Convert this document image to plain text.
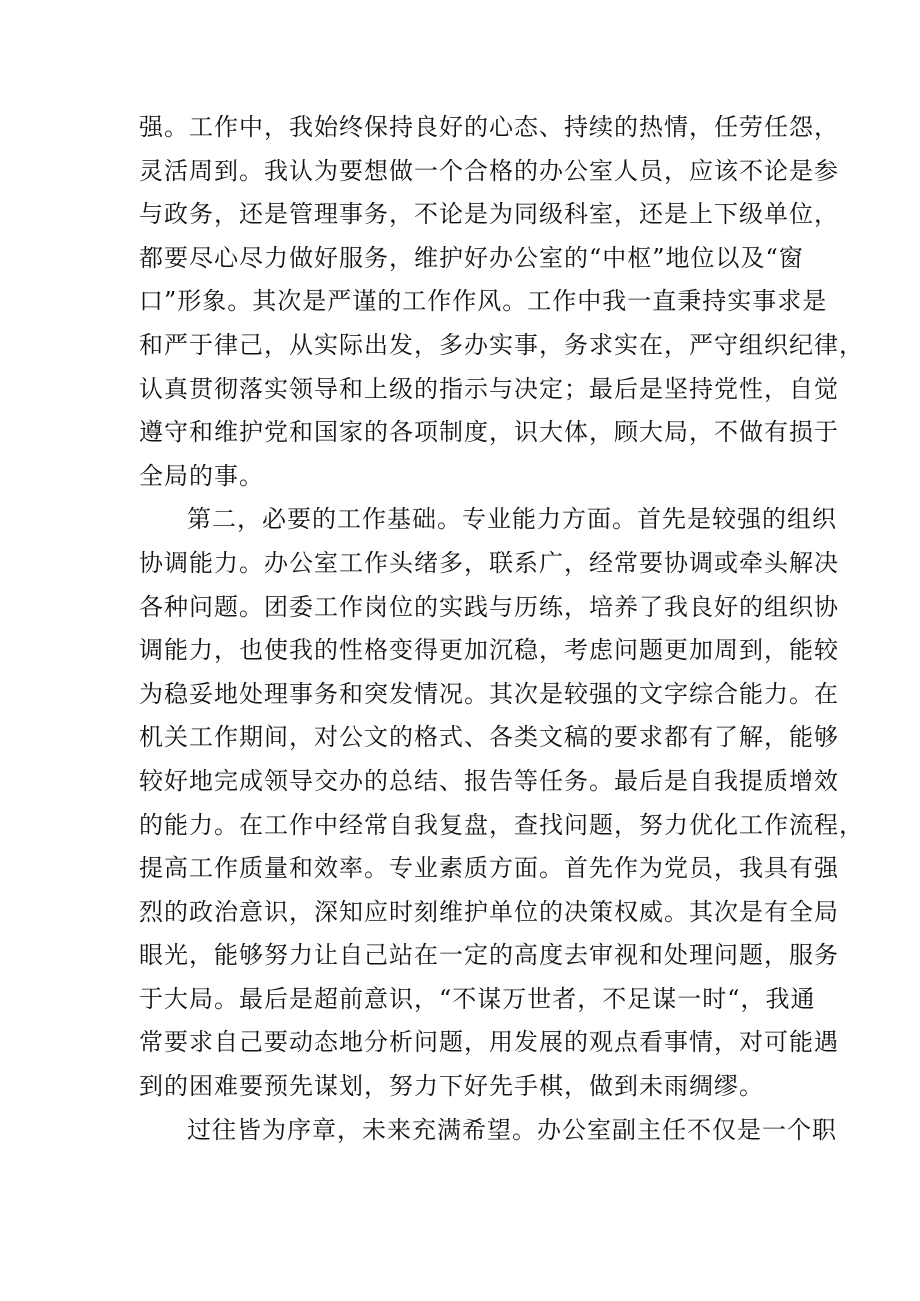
强。工作中，我始终保持良好的心态、持续的热情，任劳任怨，
灵活周到。我认为要想做一个合格的办公室人员，应该不论是参
与政务，还是管理事务，不论是为同级科室，还是上下级单位，
都要尽心尽力做好服务，维护好办公室的“中枢”地位以及“窗
口”形象。其次是严谨的工作作风。工作中我一直秉持实事求是
和严于律己，从实际出发，多办实事，务求实在，严守组织纪律，
认真贯彻落实领导和上级的指示与决定；最后是坚持党性，自觉
遵守和维护党和国家的各项制度，识大体，顾大局，不做有损于
全局的事。

第二，必要的工作基础。专业能力方面。首先是较强的组织
协调能力。办公室工作头绪多，联系广，经常要协调或牵头解决
各种问题。团委工作岗位的实践与历练，培养了我良好的组织协
调能力，也使我的性格变得更加沉稳，考虑问题更加周到，能较
为稳妥地处理事务和突发情况。其次是较强的文字综合能力。在
机关工作期间，对公文的格式、各类文稿的要求都有了解，能够
较好地完成领导交办的总结、报告等任务。最后是自我提质增效
的能力。在工作中经常自我复盘，查找问题，努力优化工作流程，
提高工作质量和效率。专业素质方面。首先作为党员，我具有强
烈的政治意识，深知应时刻维护单位的决策权威。其次是有全局
眼光，能够努力让自己站在一定的高度去审视和处理问题，服务
于大局。最后是超前意识，“不谋万世者，不足谋一时“，我通
常要求自己要动态地分析问题，用发展的观点看事情，对可能遇
到的困难要预先谋划，努力下好先手棋，做到未雨绸缪。

过往皆为序章，未来充满希望。办公室副主任不仅是一个职
